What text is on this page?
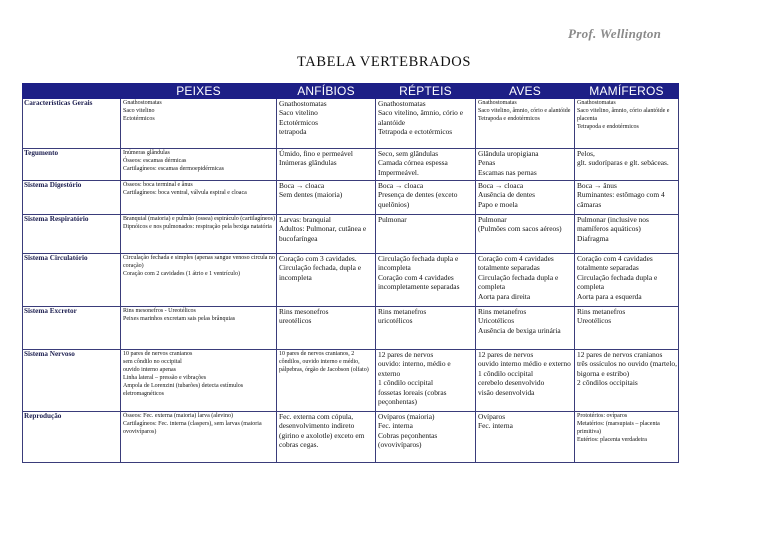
Prof. Wellington
TABELA VERTEBRADOS
	PEIXES	ANFÍBIOS	RÉPTEIS	AVES	MAMÍFEROS
Características Gerais	Gnathostomatas
Saco vitelino
Ectotérmicos	Gnathostomatas
Saco vitelino
Ectotérmicos
tetrapoda	Gnathostomatas
Saco vitelino, âmnio, cório e alantóide
Tetrapoda e ectotérmicos	Gnathostomatas
Saco vitelino, âmnio, cório e alantóide
Tetrapoda e endotérmicos	Gnathostomatas
Saco vitelino, âmnio, cório alantóide e placenta
Tetrapoda e endotérmicos

Tegumento	Inúmeras glândulas
Ósseos: escamas dérmicas
Cartilagíneos: escamas dermoepidérmicas	Úmido, fino e permeável
Inúmeras glândulas	Seco, sem glândulas
Camada córnea espessa
Impermeável.	Glândula uropigiana
Penas
Escamas nas pernas	Pelos,
glt. sudoríparas e glt. sebáceas.

Sistema Digestório	Ósseos: boca terminal e ânus
Cartilagíneos: boca ventral, válvula espiral e cloaca	Boca → cloaca
Sem dentes (maioria)	Boca → cloaca
Presença de dentes (exceto quelônios)	Boca → cloaca
Ausência de dentes
Papo e moela	Boca → ânus
Ruminantes: estômago com 4 câmaras

Sistema Respiratório	Branquial (maioria) e pulmão (ossea) espiráculo (cartilagíneos)
Dipnóicos e nos pulmonados: respiração pela bexiga natatória	Larvas: branquial
Adultos: Pulmonar, cutânea e bucofaríngea	Pulmonar	Pulmonar
(Pulmões com sacos aéreos)	Pulmonar (inclusive nos mamíferos aquáticos)
Diafragma

Sistema Circulatório	Circulação fechada e simples (apenas sangue venoso circula no coração)
Coração com 2 cavidades (1 átrio e 1 ventrículo)	Coração com 3 cavidades.
Circulação fechada, dupla e incompleta	Circulação fechada dupla e incompleta
Coração com 4 cavidades incompletamente separadas	Coração com 4 cavidades totalmente separadas
Circulação fechada dupla e completa
Aorta para direita	Coração com 4 cavidades totalmente separadas
Circulação fechada dupla e completa
Aorta para a esquerda

Sistema Excretor	Rins mesonefros - Ureotélicos
Peixes marinhos excretam sais pelas brânquias	Rins mesonefros
ureotélicos	Rins metanefros
uricotélicos	Rins metanefros
Uricotélicos
Ausência de bexiga urinária	Rins metanefros
Ureotélicos

Sistema Nervoso	10 pares de nervos cranianos
sem côndilo no occipital
ouvido interno apenas
Linha lateral – pressão e vibrações
Ampola de Lorenzini (tubarões) detecta estímulos eletromagnéticos	10 pares de nervos cranianos, 2 côndilos, ouvido interno e médio, pálpebras, órgão de Jacobson (olfato)	12 pares de nervos
ouvido: interno, médio e externo
1 côndilo occipital
fossetas loreais (cobras peçonhentas)	12 pares de nervos
ouvido interno médio e externo
1 côndilo occipital
cerebelo desenvolvido
visão desenvolvida	12 pares de nervos cranianos
três ossículos no ouvido (martelo, bigorna e estribo)
2 côndilos occipitais

Reprodução	Ósseos: Fec. externa (maioria) larva (alevino)
Cartilagíneos: Fec. interna (claspers), sem larvas (maioria ovovivíparos)	Fec. externa com cópula, desenvolvimento indireto (girino e axolotle) exceto em cobras cegas.	Ovíparos (maioria)
Fec. interna
Cobras peçonhentas (ovovivíparos)	Ovíparos
Fec. interna	Prototérios: ovíparos
Metatérios: (marsupiais – placenta primitiva)
Eutérios: placenta verdadeira
